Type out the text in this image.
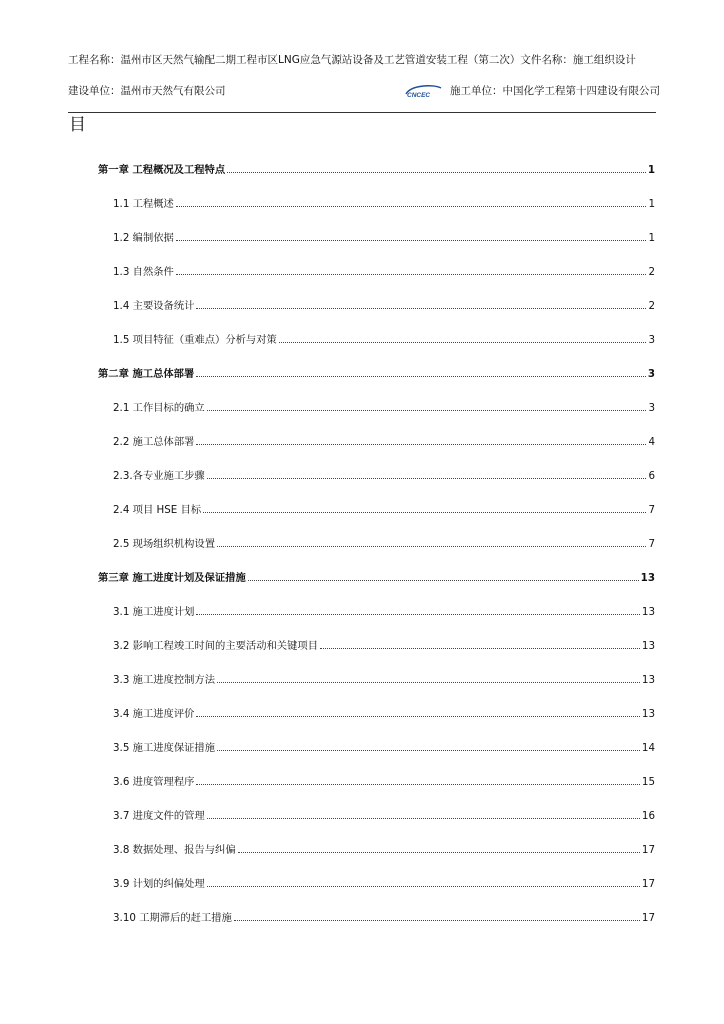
工程名称：温州市区天然气输配二期工程市区LNG应急气源站设备及工艺管道安装工程（第二次）文件名称：施工组织设计
建设单位：温州市天然气有限公司	CNCEC	施工单位：中国化学工程第十四建设有限公司
目
第一章 工程概况及工程特点	1
1.1 工程概述	1
1.2 编制依据	1
1.3 自然条件	2
1.4 主要设备统计	2
1.5 项目特征（重难点）分析与对策	3
第二章 施工总体部署	3
2.1 工作目标的确立	3
2.2 施工总体部署	4
2.3.各专业施工步骤	6
2.4 项目 HSE 目标	7
2.5 现场组织机构设置	7
第三章 施工进度计划及保证措施	13
3.1 施工进度计划	13
3.2 影响工程竣工时间的主要活动和关键项目	13
3.3 施工进度控制方法	13
3.4 施工进度评价	13
3.5 施工进度保证措施	14
3.6 进度管理程序	15
3.7 进度文件的管理	16
3.8 数据处理、报告与纠偏	17
3.9 计划的纠偏处理	17
3.10 工期滞后的赶工措施	17
